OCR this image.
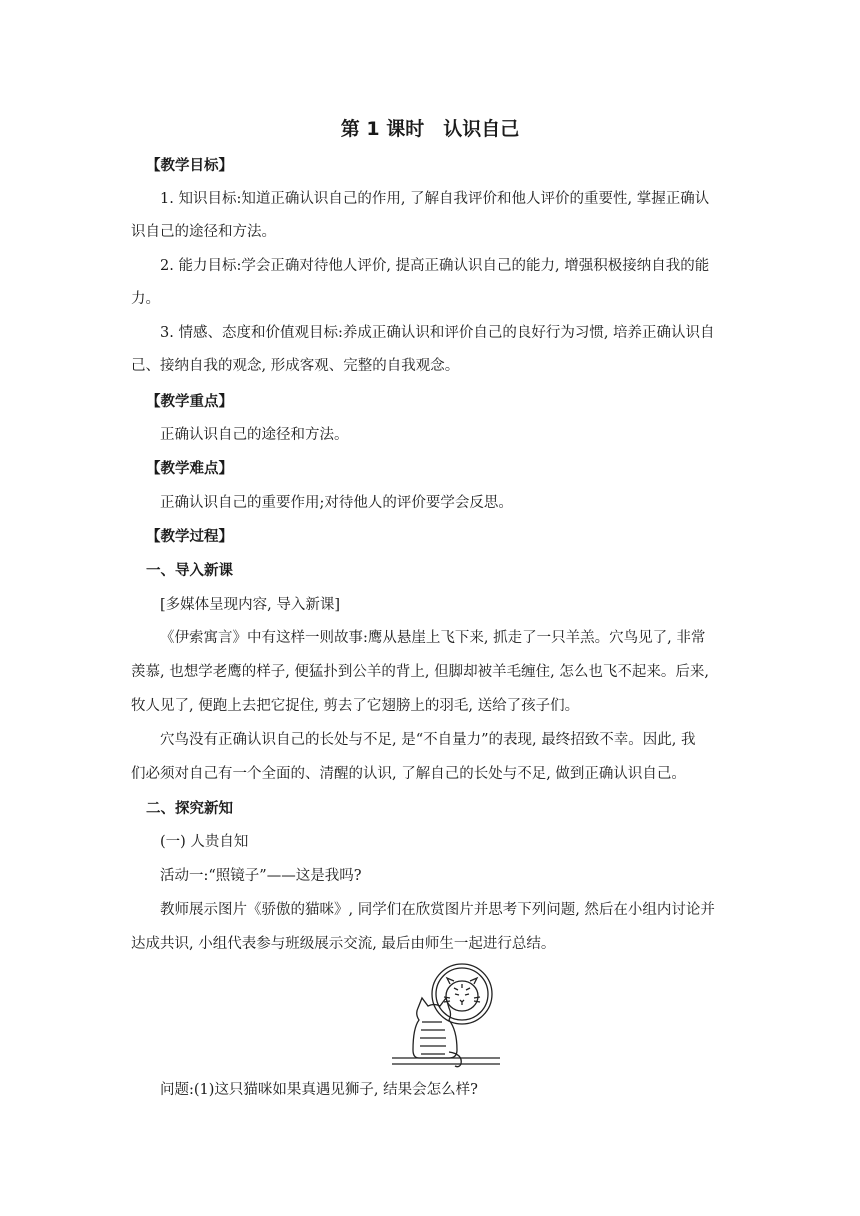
第 1 课时　认识自己
【教学目标】
1. 知识目标:知道正确认识自己的作用, 了解自我评价和他人评价的重要性, 掌握正确认
识自己的途径和方法。
2. 能力目标:学会正确对待他人评价, 提高正确认识自己的能力, 增强积极接纳自我的能
力。
3. 情感、态度和价值观目标:养成正确认识和评价自己的良好行为习惯, 培养正确认识自
己、接纳自我的观念, 形成客观、完整的自我观念。
【教学重点】
正确认识自己的途径和方法。
【教学难点】
正确认识自己的重要作用;对待他人的评价要学会反思。
【教学过程】
一、导入新课
[多媒体呈现内容, 导入新课]
《伊索寓言》中有这样一则故事:鹰从悬崖上飞下来, 抓走了一只羊羔。穴鸟见了, 非常
羡慕, 也想学老鹰的样子, 便猛扑到公羊的背上, 但脚却被羊毛缠住, 怎么也飞不起来。后来,
牧人见了, 便跑上去把它捉住, 剪去了它翅膀上的羽毛, 送给了孩子们。
穴鸟没有正确认识自己的长处与不足, 是“不自量力”的表现, 最终招致不幸。因此, 我
们必须对自己有一个全面的、清醒的认识, 了解自己的长处与不足, 做到正确认识自己。
二、探究新知
(一) 人贵自知
活动一:“照镜子”——这是我吗?
教师展示图片《骄傲的猫咪》, 同学们在欣赏图片并思考下列问题, 然后在小组内讨论并
达成共识, 小组代表参与班级展示交流, 最后由师生一起进行总结。
问题:(1)这只猫咪如果真遇见狮子, 结果会怎么样?
